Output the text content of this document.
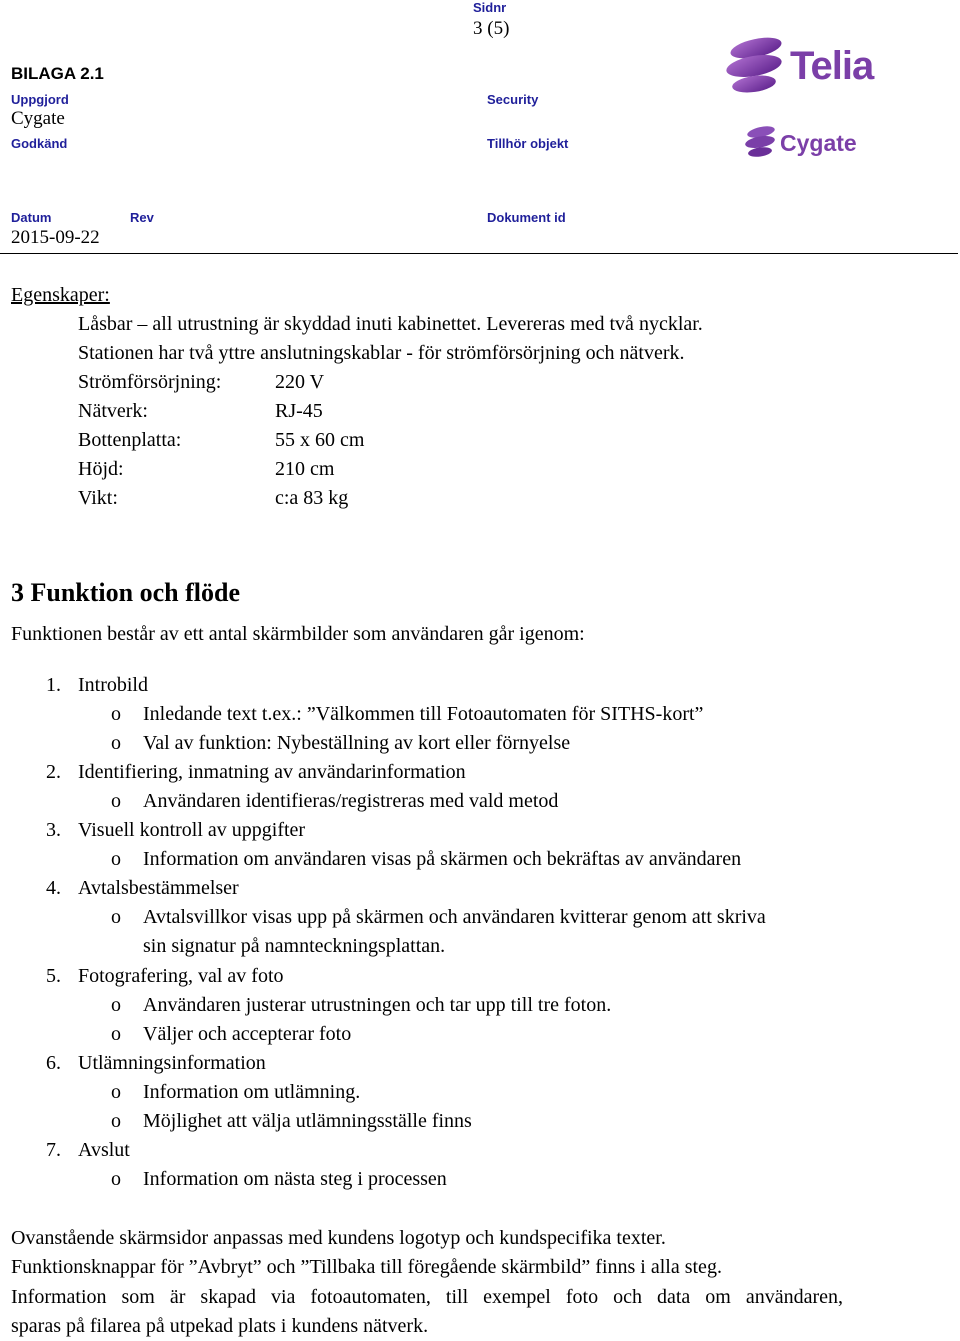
Sidnr
3 (5)
BILAGA 2.1
Uppgjord
Cygate
Security
Godkänd	Tillhör objekt
Datum	Rev	Dokument id
2015-09-22
Telia
Cygate
Egenskaper:
Låsbar – all utrustning är skyddad inuti kabinettet. Levereras med två nycklar.
Stationen har två yttre anslutningskablar - för strömförsörjning och nätverk.
Strömförsörjning:	220 V
Nätverk:	RJ-45
Bottenplatta:	55 x 60 cm
Höjd:	210 cm
Vikt:	c:a 83 kg
3 Funktion och flöde
Funktionen består av ett antal skärmbilder som användaren går igenom:
1. Introbild
o Inledande text t.ex.: ”Välkommen till Fotoautomaten för SITHS-kort”
o Val av funktion: Nybeställning av kort eller förnyelse
2. Identifiering, inmatning av användarinformation
o Användaren identifieras/registreras med vald metod
3. Visuell kontroll av uppgifter
o Information om användaren visas på skärmen och bekräftas av användaren
4. Avtalsbestämmelser
o Avtalsvillkor visas upp på skärmen och användaren kvitterar genom att skriva
sin signatur på namnteckningsplattan.
5. Fotografering, val av foto
o Användaren justerar utrustningen och tar upp till tre foton.
o Väljer och accepterar foto
6. Utlämningsinformation
o Information om utlämning.
o Möjlighet att välja utlämningsställe finns
7. Avslut
o Information om nästa steg i processen
Ovanstående skärmsidor anpassas med kundens logotyp och kundspecifika texter.
Funktionsknappar för ”Avbryt” och ”Tillbaka till föregående skärmbild” finns i alla steg.
Information som är skapad via fotoautomaten, till exempel foto och data om användaren,
sparas på filarea på utpekad plats i kundens nätverk.
